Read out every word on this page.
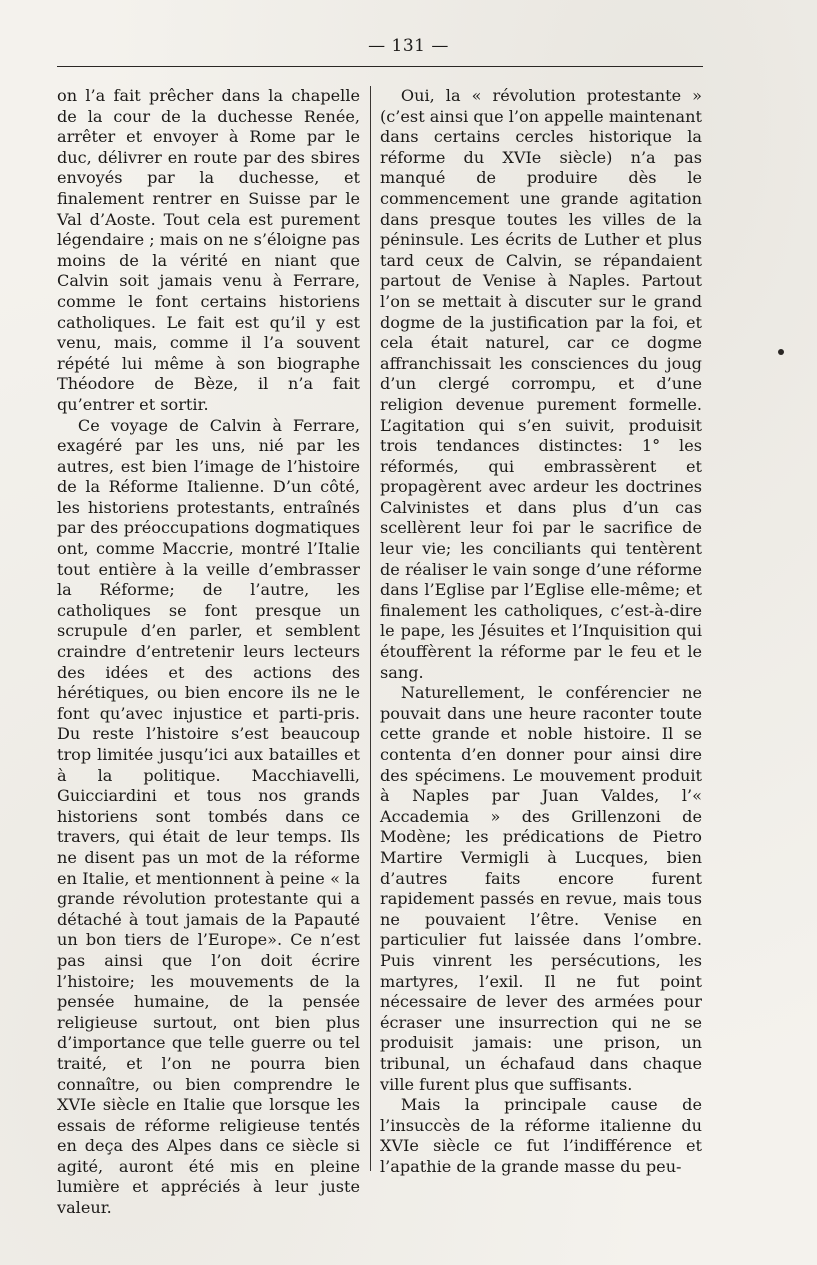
— 131 —

on l’a fait prêcher dans la chapelle de la cour de la duchesse Renée, arrêter et envoyer à Rome par le duc, délivrer en route par des sbires envoyés par la duchesse, et finalement rentrer en Suisse par le Val d’Aoste. Tout cela est purement légendaire ; mais on ne s’éloigne pas moins de la vérité en niant que Calvin soit jamais venu à Ferrare, comme le font certains historiens catholiques. Le fait est qu’il y est venu, mais, comme il l’a souvent répété lui même à son biographe Théodore de Bèze, il n’a fait qu’entrer et sortir.

Ce voyage de Calvin à Ferrare, exagéré par les uns, nié par les autres, est bien l’image de l’histoire de la Réforme Italienne. D’un côté, les historiens protestants, entraînés par des préoccupations dogmatiques ont, comme Maccrie, montré l’Italie tout entière à la veille d’embrasser la Réforme; de l’autre, les catholiques se font presque un scrupule d’en parler, et semblent craindre d’entretenir leurs lecteurs des idées et des actions des hérétiques, ou bien encore ils ne le font qu’avec injustice et parti-pris. Du reste l’histoire s’est beaucoup trop limitée jusqu’ici aux batailles et à la politique. Macchiavelli, Guicciardini et tous nos grands historiens sont tombés dans ce travers, qui était de leur temps. Ils ne disent pas un mot de la réforme en Italie, et mentionnent à peine « la grande révolution protestante qui a détaché à tout jamais de la Papauté un bon tiers de l’Europe». Ce n’est pas ainsi que l’on doit écrire l’histoire; les mouvements de la pensée humaine, de la pensée religieuse surtout, ont bien plus d’importance que telle guerre ou tel traité, et l’on ne pourra bien connaître, ou bien comprendre le XVIe siècle en Italie que lorsque les essais de réforme religieuse tentés en deça des Alpes dans ce siècle si agité, auront été mis en pleine lumière et appréciés à leur juste valeur.

Oui, la « révolution protestante » (c’est ainsi que l’on appelle maintenant dans certains cercles historique la réforme du XVIe siècle) n’a pas manqué de produire dès le commencement une grande agitation dans presque toutes les villes de la péninsule. Les écrits de Luther et plus tard ceux de Calvin, se répandaient partout de Venise à Naples. Partout l’on se mettait à discuter sur le grand dogme de la justification par la foi, et cela était naturel, car ce dogme affranchissait les consciences du joug d’un clergé corrompu, et d’une religion devenue purement formelle. L’agitation qui s’en suivit, produisit trois tendances distinctes: 1° les réformés, qui embrassèrent et propagèrent avec ardeur les doctrines Calvinistes et dans plus d’un cas scellèrent leur foi par le sacrifice de leur vie; les conciliants qui tentèrent de réaliser le vain songe d’une réforme dans l’Eglise par l’Eglise elle-même; et finalement les catholiques, c’est-à-dire le pape, les Jésuites et l’Inquisition qui étouffèrent la réforme par le feu et le sang.

Naturellement, le conférencier ne pouvait dans une heure raconter toute cette grande et noble histoire. Il se contenta d’en donner pour ainsi dire des spécimens. Le mouvement produit à Naples par Juan Valdes, l’« Accademia » des Grillenzoni de Modène; les prédications de Pietro Martire Vermigli à Lucques, bien d’autres faits encore furent rapidement passés en revue, mais tous ne pouvaient l’être. Venise en particulier fut laissée dans l’ombre. Puis vinrent les persécutions, les martyres, l’exil. Il ne fut point nécessaire de lever des armées pour écraser une insurrection qui ne se produisit jamais: une prison, un tribunal, un échafaud dans chaque ville furent plus que suffisants.

Mais la principale cause de l’insuccès de la réforme italienne du XVIe siècle ce fut l’indifférence et l’apathie de la grande masse du peu-
